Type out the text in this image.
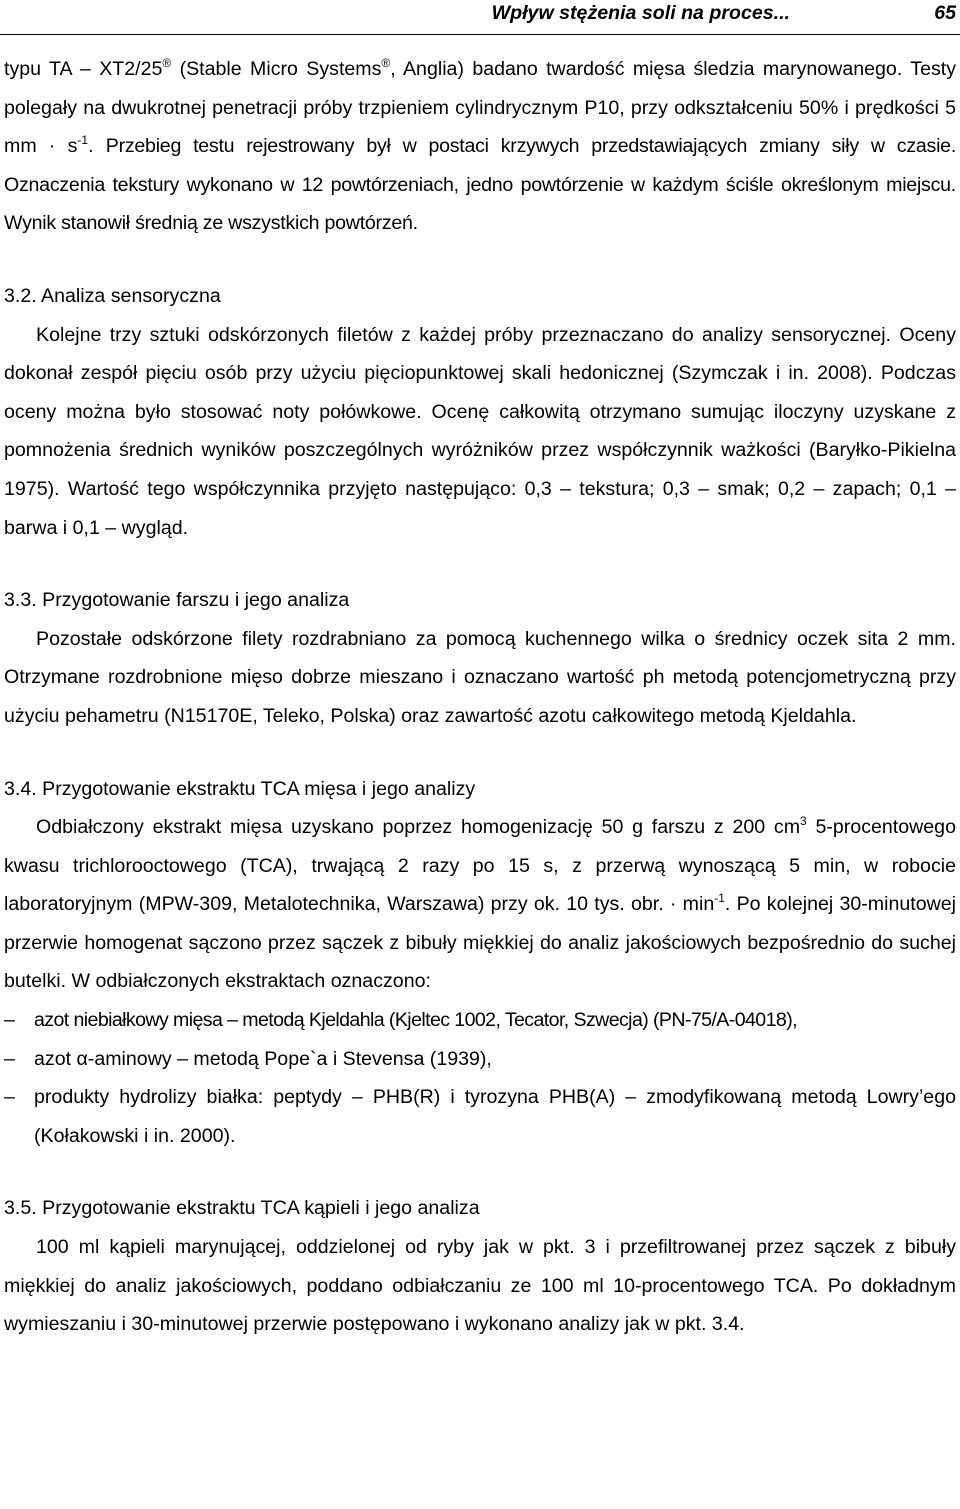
Wpływ stężenia soli na proces...	65

typu TA – XT2/25® (Stable Micro Systems®, Anglia) badano twardość mięsa śledzia marynowanego. Testy polegały na dwukrotnej penetracji próby trzpieniem cylindrycznym P10, przy odkształceniu 50% i prędkości 5 mm · $s^{-1}$. Przebieg testu rejestrowany był w postaci krzywych przedstawiających zmiany siły w czasie. Oznaczenia tekstury wykonano w 12 powtórzeniach, jedno powtórzenie w każdym ściśle określonym miejscu. Wynik stanowił średnią ze wszystkich powtórzeń.

3.2. Analiza sensoryczna

Kolejne trzy sztuki odskórzonych filetów z każdej próby przeznaczano do analizy sensorycznej. Oceny dokonał zespół pięciu osób przy użyciu pięciopunktowej skali hedonicznej (Szymczak i in. 2008). Podczas oceny można było stosować noty połówkowe. Ocenę całkowitą otrzymano sumując iloczyny uzyskane z pomnożenia średnich wyników poszczególnych wyróżników przez współczynnik ważkości (Baryłko-Pikielna 1975). Wartość tego współczynnika przyjęto następująco: 0,3 – tekstura; 0,3 – smak; 0,2 – zapach; 0,1 – barwa i 0,1 – wygląd.

3.3. Przygotowanie farszu i jego analiza

Pozostałe odskórzone filety rozdrabniano za pomocą kuchennego wilka o średnicy oczek sita 2 mm. Otrzymane rozdrobnione mięso dobrze mieszano i oznaczano wartość ph metodą potencjometryczną przy użyciu pehametru (N15170E, Teleko, Polska) oraz zawartość azotu całkowitego metodą Kjeldahla.

3.4. Przygotowanie ekstraktu TCA mięsa i jego analizy

Odbiałczony ekstrakt mięsa uzyskano poprzez homogenizację 50 g farszu z 200 $cm^3$ 5-procentowego kwasu trichlorooctowego (TCA), trwającą 2 razy po 15 s, z przerwą wynoszącą 5 min, w robocie laboratoryjnym (MPW-309, Metalotechnika, Warszawa) przy ok. 10 tys. obr. · $\min^{-1}$. Po kolejnej 30-minutowej przerwie homogenat sączono przez sączek z bibuły miękkiej do analiz jakościowych bezpośrednio do suchej butelki. W odbiałczonych ekstraktach oznaczono:

– azot niebiałkowy mięsa – metodą Kjeldahla (Kjeltec 1002, Tecator, Szwecja) (PN-75/A-04018),
– azot α-aminowy – metodą Pope`a i Stevensa (1939),
– produkty hydrolizy białka: peptydy – PHB(R) i tyrozyna PHB(A) – zmodyfikowaną metodą Lowry’ego (Kołakowski i in. 2000).
3.5. Przygotowanie ekstraktu TCA kąpieli i jego analiza

100 ml kąpieli marynującej, oddzielonej od ryby jak w pkt. 3 i przefiltrowanej przez sączek z bibuły miękkiej do analiz jakościowych, poddano odbiałczaniu ze 100 ml 10-procentowego TCA. Po dokładnym wymieszaniu i 30-minutowej przerwie postępowano i wykonano analizy jak w pkt. 3.4.
